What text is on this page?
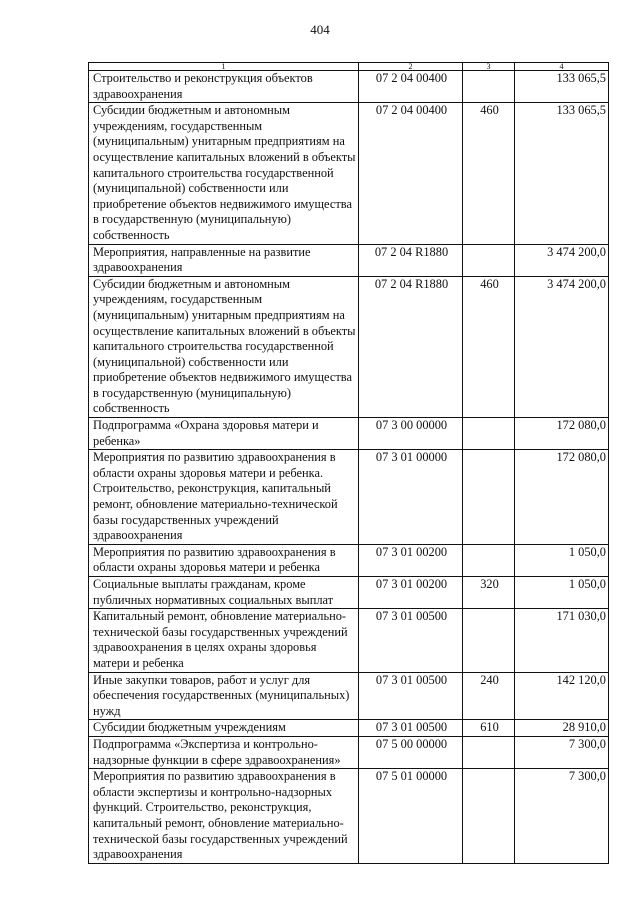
404
1	2	3	4
Строительство и реконструкция объектов здравоохранения	07 2 04 00400		133 065,5
Субсидии бюджетным и автономным учреждениям, государственным (муниципальным) унитарным предприятиям на осуществление капитальных вложений в объекты капитального строительства государственной (муниципальной) собственности или приобретение объектов недвижимого имущества в государственную (муниципальную) собственность	07 2 04 00400	460	133 065,5
Мероприятия, направленные на развитие здравоохранения	07 2 04 R1880		3 474 200,0
Субсидии бюджетным и автономным учреждениям, государственным (муниципальным) унитарным предприятиям на осуществление капитальных вложений в объекты капитального строительства государственной (муниципальной) собственности или приобретение объектов недвижимого имущества в государственную (муниципальную) собственность	07 2 04 R1880	460	3 474 200,0
Подпрограмма «Охрана здоровья матери и ребенка»	07 3 00 00000		172 080,0
Мероприятия по развитию здравоохранения в области охраны здоровья матери и ребенка. Строительство, реконструкция, капитальный ремонт, обновление материально-технической базы государственных учреждений здравоохранения	07 3 01 00000		172 080,0
Мероприятия по развитию здравоохранения в области охраны здоровья матери и ребенка	07 3 01 00200		1 050,0
Социальные выплаты гражданам, кроме публичных нормативных социальных выплат	07 3 01 00200	320	1 050,0
Капитальный ремонт, обновление материально-технической базы государственных учреждений здравоохранения в целях охраны здоровья матери и ребенка	07 3 01 00500		171 030,0
Иные закупки товаров, работ и услуг для обеспечения государственных (муниципальных) нужд	07 3 01 00500	240	142 120,0
Субсидии бюджетным учреждениям	07 3 01 00500	610	28 910,0
Подпрограмма «Экспертиза и контрольно-надзорные функции в сфере здравоохранения»	07 5 00 00000		7 300,0
Мероприятия по развитию здравоохранения в области экспертизы и контрольно-надзорных функций. Строительство, реконструкция, капитальный ремонт, обновление материально-технической базы государственных учреждений здравоохранения	07 5 01 00000		7 300,0
